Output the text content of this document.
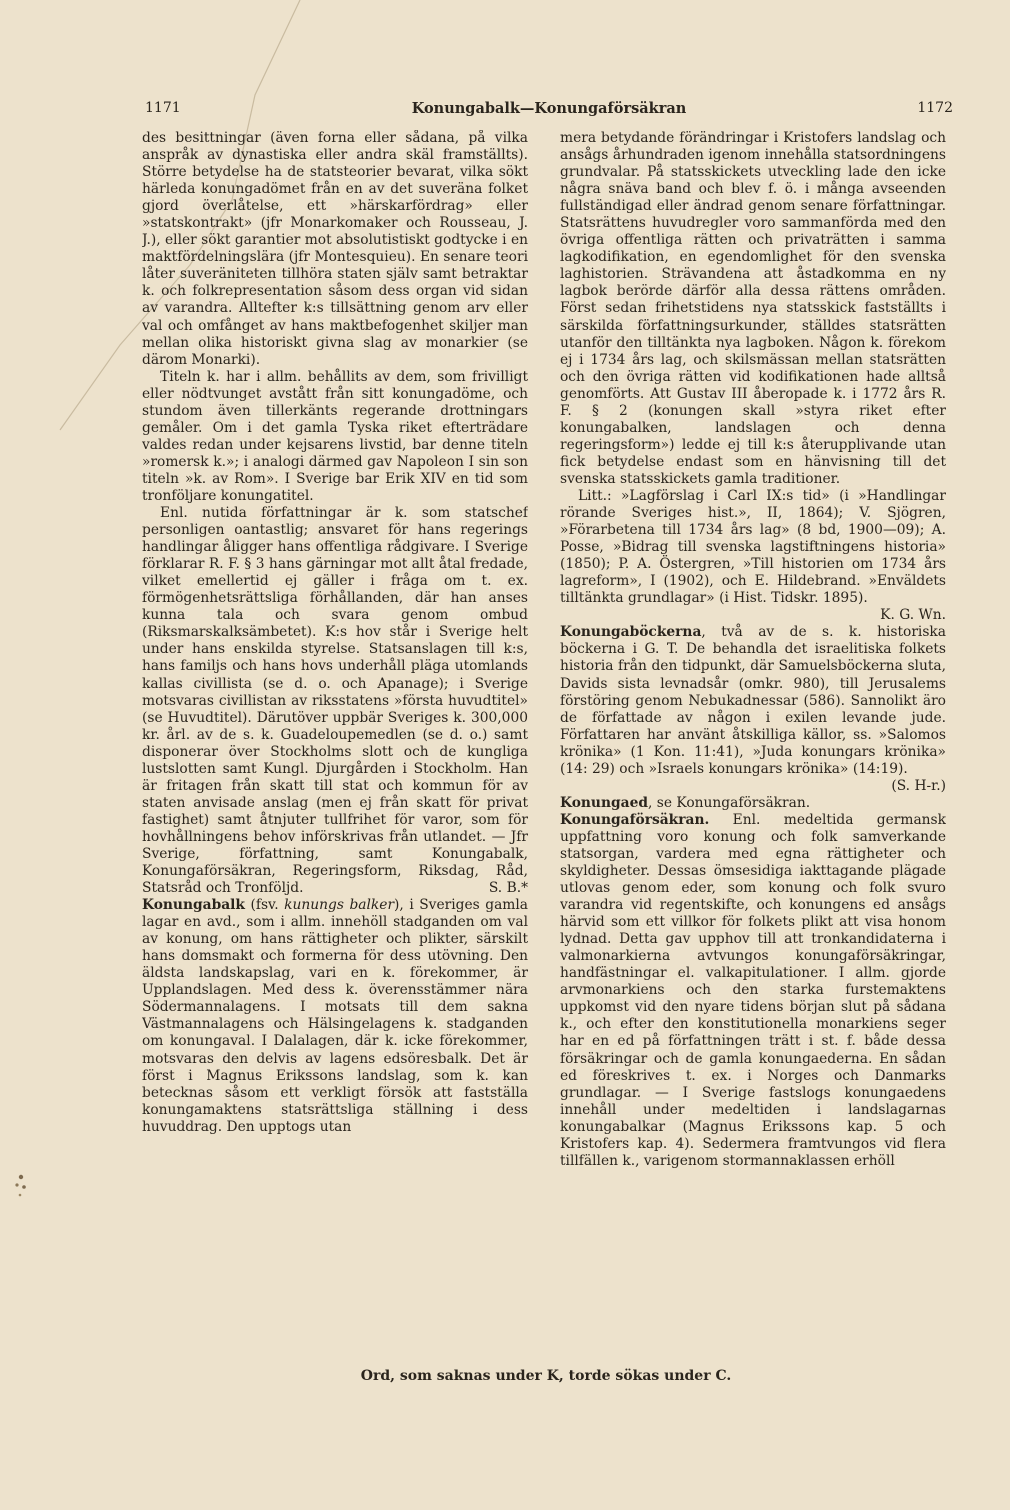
1171	Konungabalk—Konungaförsäkran	1172

des besittningar (även forna eller sådana, på vilka anspråk av dynastiska eller andra skäl framställts). Större betydelse ha de statsteorier bevarat, vilka sökt härleda konungadömet från en av det suveräna folket gjord överlåtelse, ett »härskarfördrag» eller »statskontrakt» (jfr Monarkomaker och Rousseau, J. J.), eller sökt garantier mot absolutistiskt godtycke i en maktfördelningslära (jfr Montesquieu). En senare teori låter suveräniteten tillhöra staten själv samt betraktar k. och folkrepresentation såsom dess organ vid sidan av varandra. Alltefter k:s tillsättning genom arv eller val och omfånget av hans maktbefogenhet skiljer man mellan olika historiskt givna slag av monarkier (se därom Monarki).

Titeln k. har i allm. behållits av dem, som frivilligt eller nödtvunget avstått från sitt konungadöme, och stundom även tillerkänts regerande drottningars gemåler. Om i det gamla Tyska riket efterträdare valdes redan under kejsarens livstid, bar denne titeln »romersk k.»; i analogi därmed gav Napoleon I sin son titeln »k. av Rom». I Sverige bar Erik XIV en tid som tronföljare konungatitel.

Enl. nutida författningar är k. som statschef personligen oantastlig; ansvaret för hans regerings handlingar åligger hans offentliga rådgivare. I Sverige förklarar R. F. § 3 hans gärningar mot allt åtal fredade, vilket emellertid ej gäller i fråga om t. ex. förmögenhetsrättsliga förhållanden, där han anses kunna tala och svara genom ombud (Riksmarskalksämbetet). K:s hov står i Sverige helt under hans enskilda styrelse. Statsanslagen till k:s, hans familjs och hans hovs underhåll pläga utomlands kallas civillista (se d. o. och Apanage); i Sverige motsvaras civillistan av riksstatens »första huvudtitel» (se Huvudtitel). Därutöver uppbär Sveriges k. 300,000 kr. årl. av de s. k. Guadeloupemedlen (se d. o.) samt disponerar över Stockholms slott och de kungliga lustslotten samt Kungl. Djurgården i Stockholm. Han är fritagen från skatt till stat och kommun för av staten anvisade anslag (men ej från skatt för privat fastighet) samt åtnjuter tullfrihet för varor, som för hovhållningens behov införskrivas från utlandet. — Jfr Sverige, författning, samt Konungabalk, Konungaförsäkran, Regeringsform, Riksdag, Råd, Statsråd och Tronföljd.	S. B.*

Konungabalk (fsv. kunungs balker), i Sveriges gamla lagar en avd., som i allm. innehöll stadganden om val av konung, om hans rättigheter och plikter, särskilt hans domsmakt och formerna för dess utövning. Den äldsta landskapslag, vari en k. förekommer, är Upplandslagen. Med dess k. överensstämmer nära Södermannalagens. I motsats till dem sakna Västmannalagens och Hälsingelagens k. stadganden om konungaval. I Dalalagen, där k. icke förekommer, motsvaras den delvis av lagens edsöresbalk. Det är först i Magnus Erikssons landslag, som k. kan betecknas såsom ett verkligt försök att fastställa konungamaktens statsrättsliga ställning i dess huvuddrag. Den upptogs utan

mera betydande förändringar i Kristofers landslag och ansågs århundraden igenom innehålla statsordningens grundvalar. På statsskickets utveckling lade den icke några snäva band och blev f. ö. i många avseenden fullständigad eller ändrad genom senare författningar. Statsrättens huvudregler voro sammanförda med den övriga offentliga rätten och privaträtten i samma lagkodifikation, en egendomlighet för den svenska laghistorien. Strävandena att åstadkomma en ny lagbok berörde därför alla dessa rättens områden. Först sedan frihetstidens nya statsskick fastställts i särskilda författningsurkunder, ställdes statsrätten utanför den tilltänkta nya lagboken. Någon k. förekom ej i 1734 års lag, och skilsmässan mellan statsrätten och den övriga rätten vid kodifikationen hade alltså genomförts. Att Gustav III åberopade k. i 1772 års R. F. § 2 (konungen skall »styra riket efter konungabalken, landslagen och denna regeringsform») ledde ej till k:s återupplivande utan fick betydelse endast som en hänvisning till det svenska statsskickets gamla traditioner.

Litt.: »Lagförslag i Carl IX:s tid» (i »Handlingar rörande Sveriges hist.», II, 1864); V. Sjögren, »Förarbetena till 1734 års lag» (8 bd, 1900—09); A. Posse, »Bidrag till svenska lagstiftningens historia» (1850); P. A. Östergren, »Till historien om 1734 års lagreform», I (1902), och E. Hildebrand. »Enväldets tilltänkta grundlagar» (i Hist. Tidskr. 1895).
K. G. Wn.

Konungaböckerna, två av de s. k. historiska böckerna i G. T. De behandla det israelitiska folkets historia från den tidpunkt, där Samuelsböckerna sluta, Davids sista levnadsår (omkr. 980), till Jerusalems förstöring genom Nebukadnessar (586). Sannolikt äro de författade av någon i exilen levande jude. Författaren har använt åtskilliga källor, ss. »Salomos krönika» (1 Kon. 11:41), »Juda konungars krönika» (14: 29) och »Israels konungars krönika» (14:19).
(S. H-r.)

Konungaed, se Konungaförsäkran.

Konungaförsäkran. Enl. medeltida germansk uppfattning voro konung och folk samverkande statsorgan, vardera med egna rättigheter och skyldigheter. Dessas ömsesidiga iakttagande plägade utlovas genom eder, som konung och folk svuro varandra vid regentskifte, och konungens ed ansågs härvid som ett villkor för folkets plikt att visa honom lydnad. Detta gav upphov till att tronkandidaterna i valmonarkierna avtvungos konungaförsäkringar, handfästningar el. valkapitulationer. I allm. gjorde arvmonarkiens och den starka furstemaktens uppkomst vid den nyare tidens början slut på sådana k., och efter den konstitutionella monarkiens seger har en ed på författningen trätt i st. f. både dessa försäkringar och de gamla konungaederna. En sådan ed föreskrives t. ex. i Norges och Danmarks grundlagar. — I Sverige fastslogs konungaedens innehåll under medeltiden i landslagarnas konungabalkar (Magnus Erikssons kap. 5 och Kristofers kap. 4). Sedermera framtvungos vid flera tillfällen k., varigenom stormannaklassen erhöll

Ord, som saknas under K, torde sökas under C.
